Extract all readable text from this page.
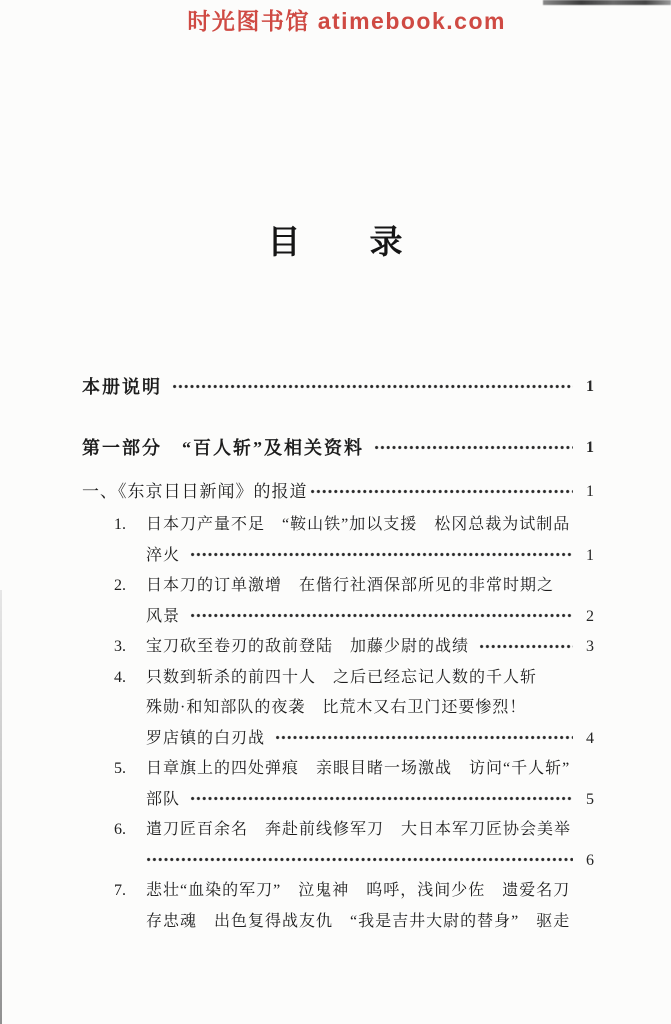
时光图书馆 atimebook.com
目　　录
本册说明	1
第一部分　“百人斩”及相关资料	1
一、《东京日日新闻》的报道	1
1. 日本刀产量不足　“鞍山铁”加以支援　松冈总裁为试制品
淬火	1
2. 日本刀的订单激增　在偕行社酒保部所见的非常时期之
风景	2
3. 宝刀砍至卷刃的敌前登陆　加藤少尉的战绩	3
4. 只数到斩杀的前四十人　之后已经忘记人数的千人斩
殊勋·和知部队的夜袭　比荒木又右卫门还要惨烈！
罗店镇的白刃战	4
5. 日章旗上的四处弹痕　亲眼目睹一场激战　访问“千人斩”
部队	5
6. 遣刀匠百余名　奔赴前线修军刀　大日本军刀匠协会美举
6
7. 悲壮“血染的军刀”　泣鬼神　呜呼，浅间少佐　遗爱名刀
存忠魂　出色复得战友仇　“我是吉井大尉的替身”　驱走
